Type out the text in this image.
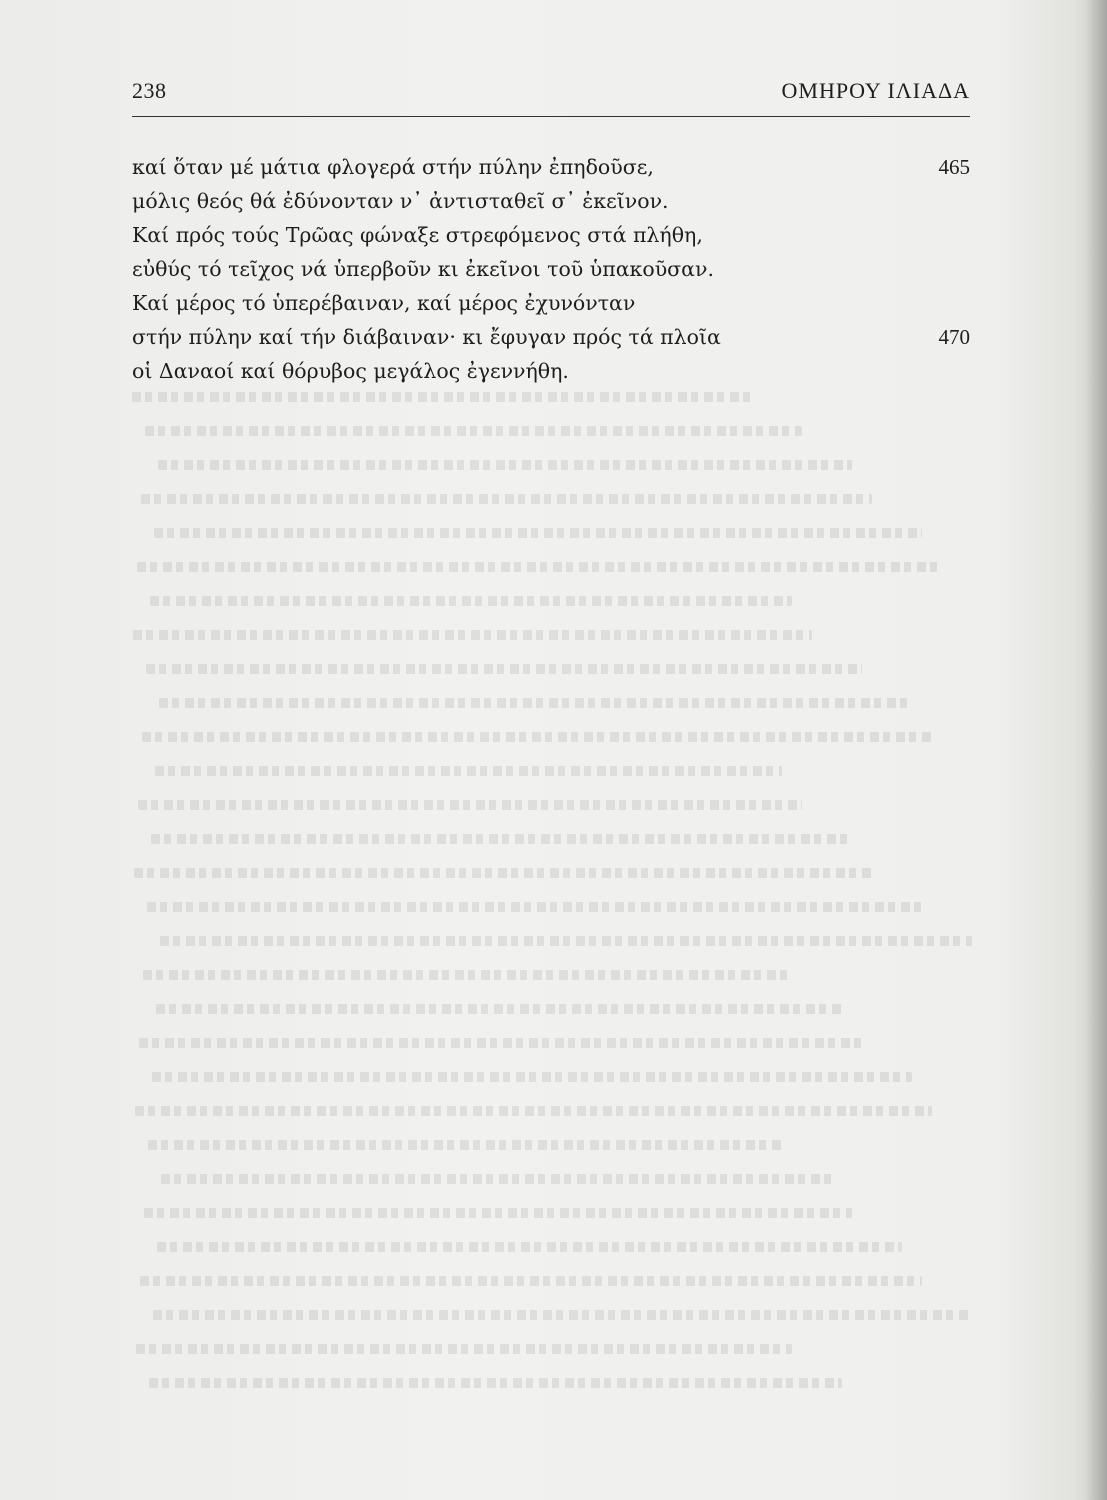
238	ΟΜΗΡΟΥ ΙΛΙΑΔΑ
καί ὅταν μέ μάτια φλογερά στήν πύλην ἐπηδοῦσε,	465
μόλις θεός θά ἐδύνονταν ν᾽ ἀντισταθεῖ σ᾽ ἐκεῖνον.
Καί πρός τούς Τρῶας φώναξε στρεφόμενος στά πλήθη,
εὐθύς τό τεῖχος νά ὑπερβοῦν κι ἐκεῖνοι τοῦ ὑπακοῦσαν.
Καί μέρος τό ὑπερέβαιναν, καί μέρος ἐχυνόνταν
στήν πύλην καί τήν διάβαιναν· κι ἔφυγαν πρός τά πλοῖα	470
οἱ Δαναοί καί θόρυβος μεγάλος ἐγεννήθη.
